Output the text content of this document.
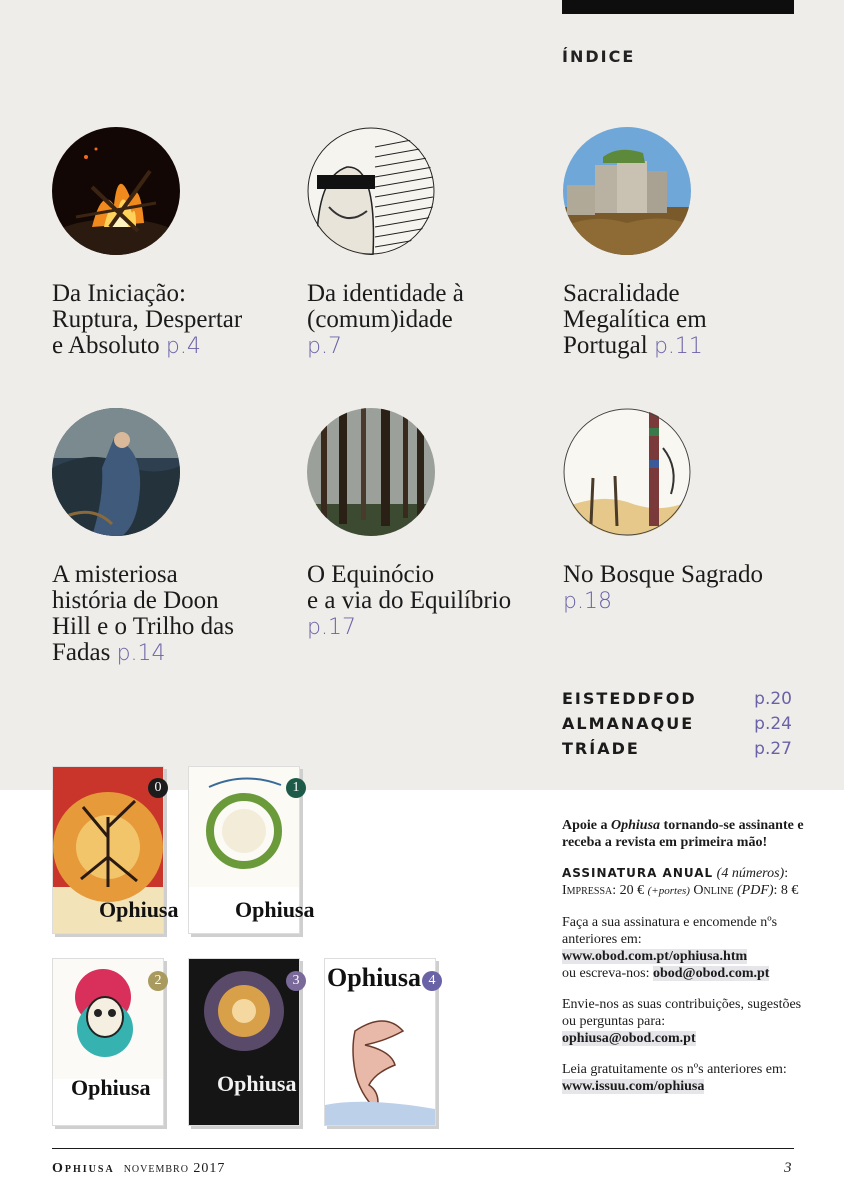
ÍNDICE
Da Iniciação:
Ruptura, Despertar
e Absoluto p.4
Da identidade à
(comum)idade
p.7
Sacralidade
Megalítica em
Portugal p.11
A misteriosa
história de Doon
Hill e o Trilho das
Fadas p.14
O Equinócio
e a via do Equilíbrio
p.17
No Bosque Sagrado
p.18
EISTEDDFOD	p.20
ALMANAQUE	p.24
TRÍADE	p.27
Ophiusa
0
Ophiusa
1
Ophiusa
2
Ophiusa
3 Ophiusa 4

Apoie a Ophiusa tornando-se assinante e receba a revista em primeira mão!

ASSINATURA ANUAL (4 números):
Impressa: 20 € (+portes) Online (PDF): 8 €

Faça a sua assinatura e encomende nºs anteriores em:
www.obod.com.pt/ophiusa.htm
ou escreva-nos: obod@obod.com.pt

Envie-nos as suas contribuições, sugestões ou perguntas para:
ophiusa@obod.com.pt

Leia gratuitamente os nºs anteriores em:
www.issuu.com/ophiusa

Ophiusa novembro 2017	3
